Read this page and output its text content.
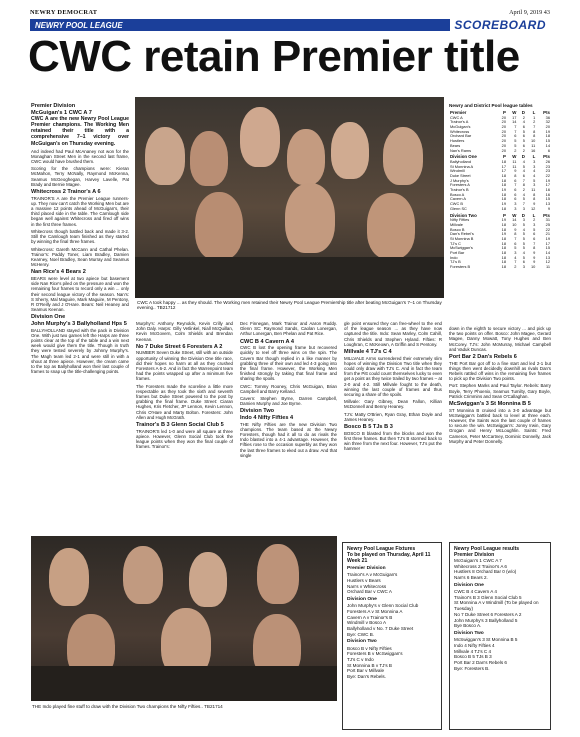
NEWRY DEMOCRAT	April 9, 2019 43
NEWRY POOL LEAGUE	SCOREBOARD
CWC retain Premier title
Premier Division
McGuigan's 1 CWC A 7

CWC A are the new Newry Pool League Premier champions. The Working Men retained their title with a comprehensive 7–1 victory over McGuigan's on Thursday evening.

And indeed had Paul McAnaney not won for the Monaghan Street Men in the second last frame, CWC would have brushed them.

Scoring for the champions were: Kieran McMahon, Terry McNally, Raymond McKenna, Seamus McGeoghegan, Harvey Lavelle, Pat Brady and Bernie Magee.

Whitecross 2 Trainor's A 6

TRAINOR'S A are the Premier League runners-up. They now can't catch the Working Men but are a massive 12 points ahead of McGuigan's, their third placed side in the table. The Camlough side began well against Whitecross and fired off wins in the first three frames.

Whitecross though battled back and made it 3-2. Still the Camlough team finished as they started by winning the final three frames.

Whitecross: Gareth McCann and Cathal Phelan. Trainor's: Paddy Toner, Liam Bradley, Damien Kearney, Noel Bradley, Sean Murray and Seamus McHenry.

Nan Rice's 4 Bears 2

BEARS were level at two apiece but basement side Nan Rice's piled on the pressure and won the remaining four frames to record only a win ... only their second league victory of the season. Nan's: S Sherry, Mal Maguire, Mark Maguire, M Pentony, R O'Reilly and J O'Hare. Bears: Neil Heaney and Seamus Keenan.

Division One
John Murphy's 3 Ballyholland Hps 5

BALLYHOLLAND stayed with the pack in Division One. With just two games left the Harps are three points clear at the top of the table and a win next week would give them the title. Though in truth they were tested severely by Johnny Murphy's. The Magh team led 2-1 and were still in with a shout at three apiece. However, the cream came to the top as Ballyholland won their last couple of frames to snap up the title-challenging points.

CWC A took happy ... as they should. The Working men retained their Newry Pool League Premiership title after beating McGuigan's 7–1 on Thursday evening.. TB21712

Murphy's: Anthony Reynolds, Kevin Crilly and John Daly. Harps: Gilly Vetlinkel, Niall McQuillan, Kevin McGovern, Colm Shields and Brendan Keenan.

No 7 Duke Street 6 Foresters A 2

NUMBER Seven Duke Street, still with an outside opportunity of winning the Division One title race, did their hopes no harm at all as they crushed Foresters A 6-2. And in fact the Warrenpoint team had the points wrapped up after a minimum five frames.

The Foresters made the scoreline a little more respectable as they took the sixth and seventh frames but Duke Street powered to the post by grabbing the final frame. Duke Street: Ciaran Hughes, Kris Fletcher, JP Lennon, Kevin Lennon, Chris O'Hare and Marty Bolton. Foresters: John Allen and Hugh McGrath.

Trainor's B 3 Glenn Social Club 5

TRAINOR'S led 1-0 and were all square at three apiece. However, Glenn Social Club took the league points when they won the final couple of frames. Trainor's:

Dec Finnegan, Mark Trainor and Aaron Ruddy. Glenn SC: Raymond Sands, Caolan Lonergan, Arthur Lonergan, Ben Phelan and Pat Rice.

CWC B 4 Cavern A 4

CWC B lost the opening frame but recovered quickly to reel off three wins on the spin. The Cavern Bar though replied in a like manner by grabbing three of their own and led 4-3 going into the final frame. However, the Working Men finished strongly by taking that final frame and sharing the spoils.

CWC: Tommy Rooney, Chris McGuigan, Brian Campbell and Barry Kelland.

Cavern: Stephen Byrne, Darren Campbell, Damien Murphy and Joe Byrne.

Division Two
Indo 4 Nifty Fifties 4

THE Nifty Fifties are the new Division Two champions. The team based at the Newry Foresters, though had it all to do as rivals the Indo blasted into a 4-1 advantage. However, the Fifties rose to the occasion superbly as they won the last three frames to eked out a draw. And that single

gle point ensured they can free-wheel to the end of the league season ... as they have now captured the title. Indo: Sean Marley, Colm Cahill, Chris Shields and Stephen Hyland. Fifties: R Loughran, C McKeown, A Griffin and S Pentony.

Millvale 4 TJ's C 4

MILLVALE Arms surrendered their extremely slim hopes of winning the Division Two title when they could only draw with TJ's C. And in fact the team from the Pitt could count themselves lucky to even get a point as they twice trailed by two frames – at 2-0 and 4-2. Still Millvale fought to the death, winning the last couple of frames and thus securing a share of the spoils.

Millvale: Gary Gibney, Dean Fallon, Killian McDonnell and Benny Heaney.

TJ's: Matty O'Brien, Ryan Gray, Ethan Doyle and James Heaney.

Bosco B 5 TJs B 3

BOSCO B blasted from the blocks and won the first three frames. But then TJ's B stormed back to win three from the next four. However, TJ's put the hammer

Newry and District Pool league tables
Premier	P	W	D	L	Pts
CWC A	20	17	2	1	36
Trainor's A	20	14	4	2	32
McGuigan's	20	7	6	7	20
Whitecross	20	7	5	8	19
Orchard Bar	20	6	6	8	18
Hustlers	20	5	5	10	15
Bears	20	5	6	11	14
Nan's Rams	20	2	2	16	6
Division One	P	W	D	L	Pts
Ballyholland	18	11	4	3	26
St Monnina A	17	11	5	3	23
Windmill	17	9	4	4	23
Duke Street	18	8	6	4	22
J Murphy's	18	6	7	5	19
Foresters A	18	7	8	3	17
Trainor's B	19	6	2	11	16
Bosco A	18	6	4	8	16
Cavern A	18	6	5	8	15
CWC B	19	3	7	9	13
Glenn SC	18	3	3	12	9
Division Two	P	W	D	L	Pts
Nifty Fifties	19	14	3	2	31
Millvale	18	10	5	3	25
Bosco B	18	9	4	5	22
Dan's Rebel's	19	8	5	6	21
St Monnina B	18	7	5	6	19
TJ's C	18	6	5	7	17
McSwiggan's	18	5	5	8	15
Port Bar	18	3	4	9	14
Indo	18	4	5	9	13
TJ's B	18	7	6	9	12
Foresters B	18	2	3	10	11

down in the eighth to secure victory ... and pick up the two points on offer. Bosco: John Magee, Gerard Magee, Danny Mowatt, Tony Hughes and Ben McCorey. TJ's: John McMurray, Michael Campbell and Vaduk Duncas.

Port Bar 2 Dan's Rebels 6

THE Port Bar got off to a fine start and led 2-1 but things then went decidedly downhill as rivals Dan's Rebels rattled off wins in the remaining five frames to pick up the Division Two points.

Port: Stephen Marks and Paul Taylor. Rebels: Barry Boyle, Terry Phoenix, Seamus Tumilty, Gary Boyle, Patrick Crimmins and Sean O'Callaghan.

McSwiggan's 3 St Monnina B 5

ST Monnina B cruised into a 3-0 advantage but McSwiggan's battled back to level at three each. However, the Saints won the last couple of frames to secure the win. McSwiggan's: Jonny Irwin, Gary Grogan and Henry McLoughlin. Saints: Fred Cameron, Peter McCartney, Dominic Donnelly, Jack Murphy and Peter Donnelly.

THE Indo played fine stuff to draw with the Division Two champions the Nifty Fifties.. TB21714
Newry Pool League Fixtures
To be played on Thursday, April 11
Week 21
Premier Division
Trainor's A v McGuigan's
Hustlers v Bears
Nan's v Whitecross
Orchard Bar v CWC A
Division One
John Murphy's v Glenn Social Club
Foresters A v St Monnina A
Cavern A v Trainor's B
Windmill v Bosco A
Ballyholland v No. 7 Duke Street
Bye: CWC B.
Division Two
Bosco B v Nifty Fifties
Foresters B v McSwiggan's
TJ's C v Indo
St Monnina B v TJ's B
Port Bar v Millvale
Bye: Dan's Rebels.
Newry Pool League results
Premier Division
McGuigan's 1 CWC A 7
Whitecross 2 Trainor's A 6
Hustlers 8 Orchard Bar 0 (w/o)
Nan's 6 Bears 2.
Division One
CWC B 4 Cavern A 4
Trainor's B 3 Glenn Social Club 5
St Monnina A v Windmill (To be played on Tuesday)
No 7 Duke Street 6 Foresters A 2
John Murphy's 3 Ballyholland 5
Bye Bosco A.
Division Two
McSwiggan's 3 St Monnina B 5
Indo 4 Nifty Fifties 4
Millvale 4 TJ's C 4
Bosco B 5 TJs B 3
Port Bar 2 Dan's Rebels 6
Bye: Foresters B.
